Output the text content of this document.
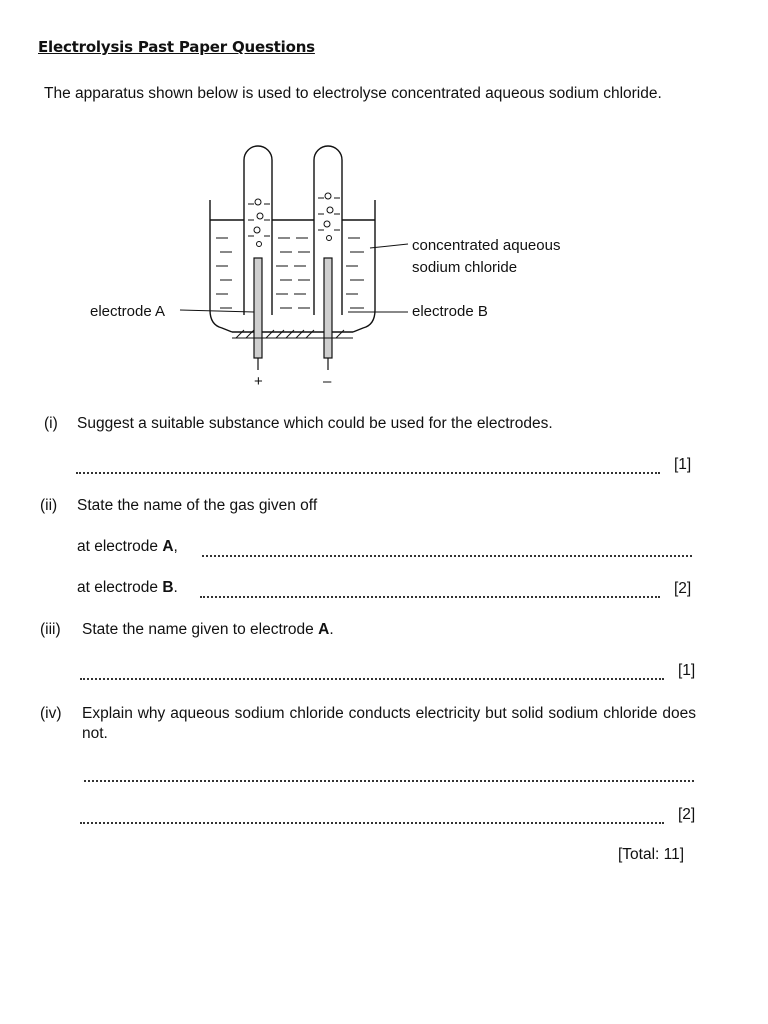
Electrolysis Past Paper Questions
The apparatus shown below is used to electrolyse concentrated aqueous sodium chloride.
+	–
concentrated aqueous
sodium chloride
electrode B
electrode A
(i) Suggest a suitable substance which could be used for the electrodes.
[1]
(ii) State the name of the gas given off
at electrode A,
at electrode B.	[2]
(iii) State the name given to electrode A.
[1]
(iv) Explain why aqueous sodium chloride conducts electricity but solid sodium chloride does not.
[2]
[Total: 11]
